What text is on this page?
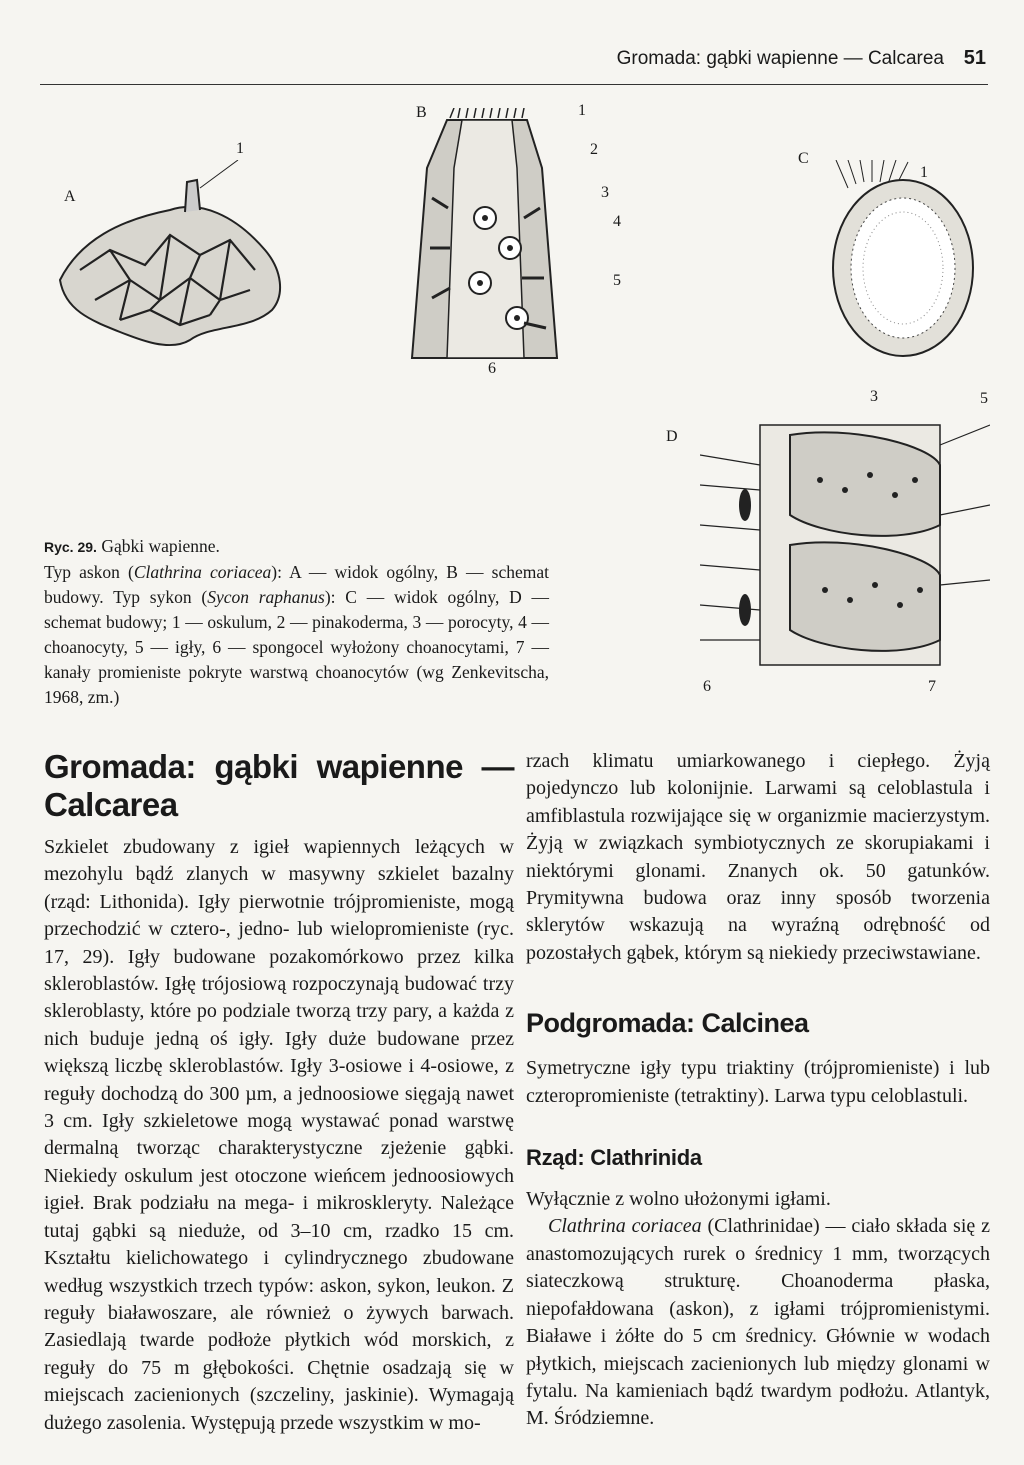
Gromada: gąbki wapienne — Calcarea 51
A
1
B	1
2
3
4
5
6
C
1
D
3	5
6	7

Ryc. 29. Gąbki wapienne.
Typ askon (Clathrina coriacea): A — widok ogólny, B — schemat budowy. Typ sykon (Sycon raphanus): C — widok ogólny, D — schemat budowy; 1 — oskulum, 2 — pinakoderma, 3 — porocyty, 4 — choanocyty, 5 — igły, 6 — spongocel wyłożony choanocytami, 7 — kanały promieniste pokryte warstwą choanocytów (wg Zenkevitscha, 1968, zm.)

Gromada: gąbki wapienne — Calcarea

Szkielet zbudowany z igieł wapiennych leżących w mezohylu bądź zlanych w masywny szkielet bazalny (rząd: Lithonida). Igły pierwotnie trójpromieniste, mogą przechodzić w cztero-, jedno- lub wielopromieniste (ryc. 17, 29). Igły budowane pozakomórkowo przez kilka skleroblastów. Igłę trójosiową rozpoczynają budować trzy skleroblasty, które po podziale tworzą trzy pary, a każda z nich buduje jedną oś igły. Igły duże budowane przez większą liczbę skleroblastów. Igły 3-osiowe i 4-osiowe, z reguły dochodzą do 300 µm, a jednoosiowe sięgają nawet 3 cm. Igły szkieletowe mogą wystawać ponad warstwę dermalną tworząc charakterystyczne zjeżenie gąbki. Niekiedy oskulum jest otoczone wieńcem jednoosiowych igieł. Brak podziału na mega- i mikroskleryty. Należące tutaj gąbki są nieduże, od 3–10 cm, rzadko 15 cm. Kształtu kielichowatego i cylindrycznego zbudowane według wszystkich trzech typów: askon, sykon, leukon. Z reguły białawoszare, ale również o żywych barwach. Zasiedlają twarde podłoże płytkich wód morskich, z reguły do 75 m głębokości. Chętnie osadzają się w miejscach zacienionych (szczeliny, jaskinie). Wymagają dużego zasolenia. Występują przede wszystkim w mo-

rzach klimatu umiarkowanego i ciepłego. Żyją pojedynczo lub kolonijnie. Larwami są celoblastula i amfiblastula rozwijające się w organizmie macierzystym. Żyją w związkach symbiotycznych ze skorupiakami i niektórymi glonami. Znanych ok. 50 gatunków. Prymitywna budowa oraz inny sposób tworzenia sklerytów wskazują na wyraźną odrębność od pozostałych gąbek, którym są niekiedy przeciwstawiane.

Podgromada: Calcinea

Symetryczne igły typu triaktiny (trójpromieniste) i lub czteropromieniste (tetraktiny). Larwa typu celoblastuli.

Rząd: Clathrinida

Wyłącznie z wolno ułożonymi igłami.

Clathrina coriacea (Clathrinidae) — ciało składa się z anastomozujących rurek o średnicy 1 mm, tworzących siateczkową strukturę. Choanoderma płaska, niepofałdowana (askon), z igłami trójpromienistymi. Białawe i żółte do 5 cm średnicy. Głównie w wodach płytkich, miejscach zacienionych lub między glonami w fytalu. Na kamieniach bądź twardym podłożu. Atlantyk, M. Śródziemne.
